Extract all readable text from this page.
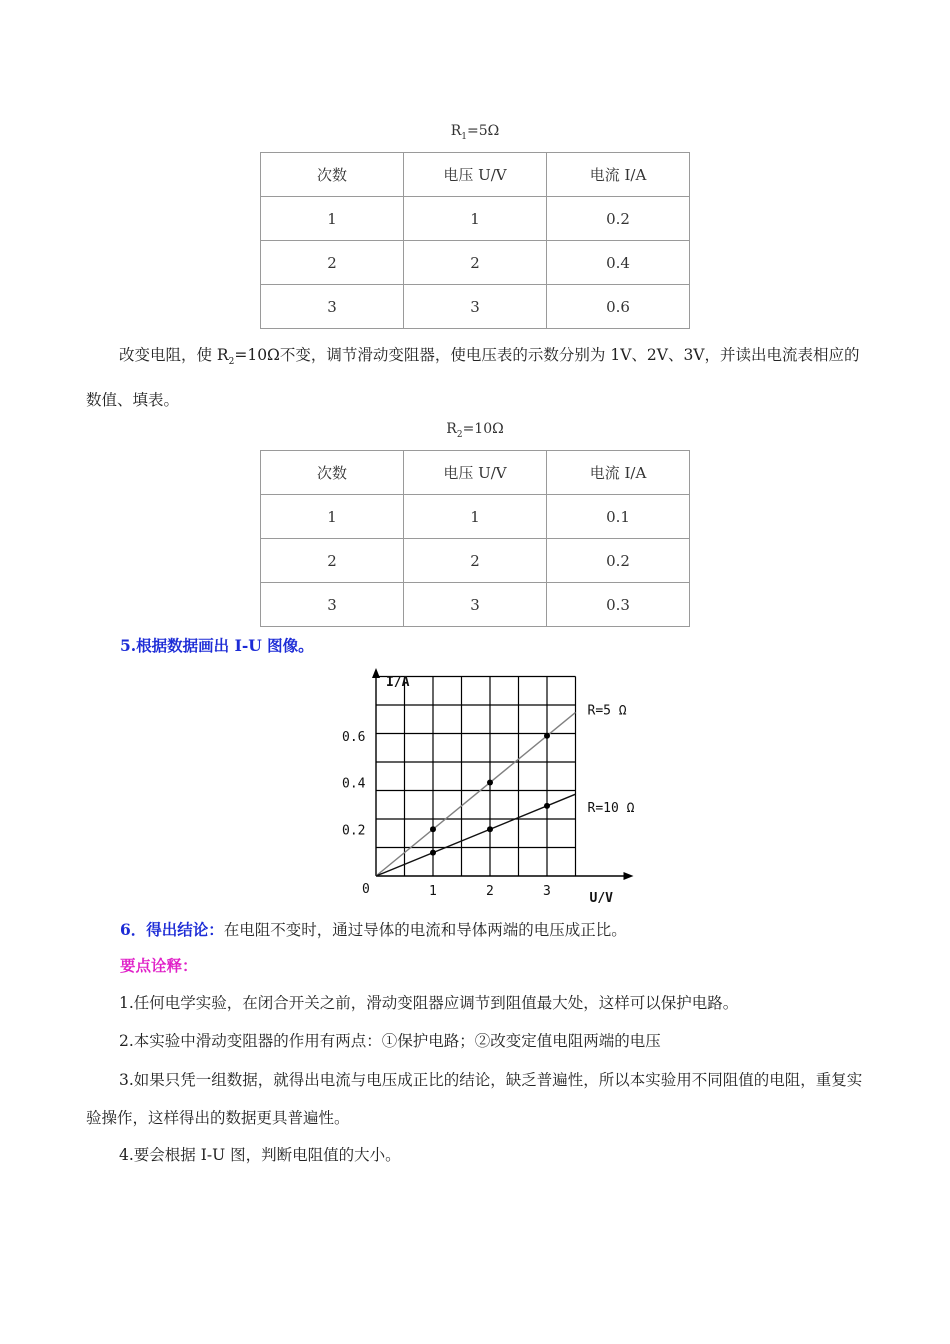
$R_1=5\Omega$
次数	电压 U/V	电流 I/A
1	1	0.2
2	2	0.4
3	3	0.6
改变电阻，使 $R_2=10\Omega$不变，调节滑动变阻器，使电压表的示数分别为 1V、2V、3V，并读出电流表相应的数值、填表。
$R_2=10\Omega$
次数	电压 U/V	电流 I/A
1	1	0.1
2	2	0.2
3	3	0.3
5.根据数据画出 I-U 图像。
R=5 Ω
R=10 Ω
1	2	3
0.2
0.4
0.6
0
U/V
I/A
6．得出结论：在电阻不变时，通过导体的电流和导体两端的电压成正比。
要点诠释：
1.任何电学实验，在闭合开关之前，滑动变阻器应调节到阻值最大处，这样可以保护电路。
2.本实验中滑动变阻器的作用有两点：①保护电路；②改变定值电阻两端的电压
3.如果只凭一组数据，就得出电流与电压成正比的结论，缺乏普遍性，所以本实验用不同阻值的电阻，重复实验操作，这样得出的数据更具普遍性。
4.要会根据 I-U 图，判断电阻值的大小。
